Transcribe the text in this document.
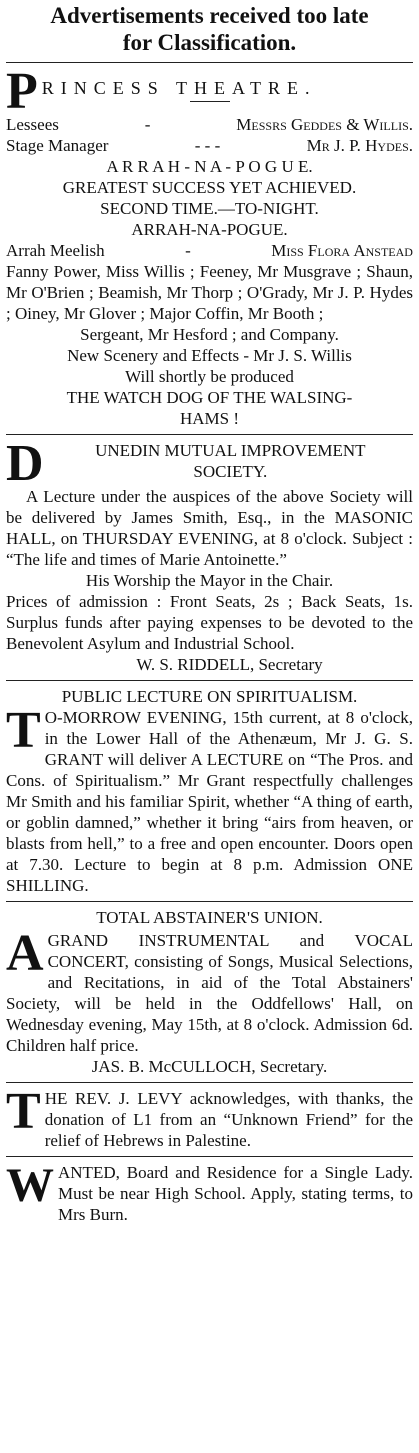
Advertisements received too late
for Classification.
P RINCESS THEATRE.
Lessees	-	Messrs Geddes & Willis.
Stage Manager	- - -	Mr J. P. Hydes.

A R R A H - N A - P O G U E.

GREATEST SUCCESS YET ACHIEVED.

SECOND TIME.—TO-NIGHT.

ARRAH-NA-POGUE.

Arrah Meelish	-	Miss Flora Anstead

Fanny Power, Miss Willis ; Feeney, Mr Musgrave ; Shaun, Mr O'Brien ; Beamish, Mr Thorp ; O'Grady, Mr J. P. Hydes ; Oiney, Mr Glover ; Major Coffin, Mr Booth ;

Sergeant, Mr Hesford ; and Company.

New Scenery and Effects - Mr J. S. Willis

Will shortly be produced

THE WATCH DOG OF THE WALSING-

HAMS !

D	UNEDIN MUTUAL IMPROVEMENT

SOCIETY.

A Lecture under the auspices of the above Society will be delivered by James Smith, Esq., in the MASONIC HALL, on THURSDAY EVENING, at 8 o'clock. Subject : “The life and times of Marie Antoinette.”

His Worship the Mayor in the Chair.

Prices of admission : Front Seats, 2s ; Back Seats, 1s. Surplus funds after paying expenses to be devoted to the Benevolent Asylum and Industrial School.

W. S. RIDDELL, Secretary

PUBLIC LECTURE ON SPIRITUALISM.

T O-MORROW EVENING, 15th current, at 8 o'clock, in the Lower Hall of the Athenæum, Mr J. G. S. GRANT will deliver A LECTURE on “The Pros. and Cons. of Spiritualism.” Mr Grant respectfully challenges Mr Smith and his familiar Spirit, whether “A thing of earth, or goblin damned,” whether it bring “airs from heaven, or blasts from hell,” to a free and open encounter. Doors open at 7.30. Lecture to begin at 8 p.m. Admission ONE SHILLING.

TOTAL ABSTAINER'S UNION.

A GRAND INSTRUMENTAL and VOCAL CONCERT, consisting of Songs, Musical Selections, and Recitations, in aid of the Total Abstainers' Society, will be held in the Oddfellows' Hall, on Wednesday evening, May 15th, at 8 o'clock. Admission 6d. Children half price.

JAS. B. McCULLOCH, Secretary.

T HE REV. J. LEVY acknowledges, with thanks, the donation of L1 from an “Unknown Friend” for the relief of Hebrews in Palestine.

W ANTED, Board and Residence for a Single Lady. Must be near High School. Apply, stating terms, to Mrs Burn.
